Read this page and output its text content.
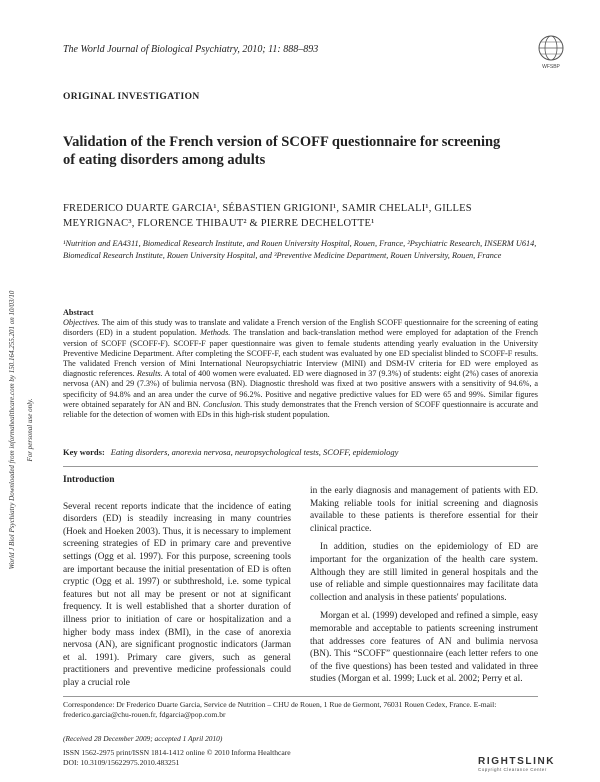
World J Biol Psychiatry Downloaded from informahealthcare.com by 150.164.255.201 on 10/03/10 For personal use only.
The World Journal of Biological Psychiatry, 2010; 11: 888–893
WFSBP
ORIGINAL INVESTIGATION
Validation of the French version of SCOFF questionnaire for screening of eating disorders among adults
FREDERICO DUARTE GARCIA¹, SÉBASTIEN GRIGIONI¹, SAMIR CHELALI¹, GILLES MEYRIGNAC³, FLORENCE THIBAUT² & PIERRE DECHELOTTE¹
¹Nutrition and EA4311, Biomedical Research Institute, and Rouen University Hospital, Rouen, France, ²Psychiatric Research, INSERM U614, Biomedical Research Institute, Rouen University Hospital, and ³Preventive Medicine Department, Rouen University, Rouen, France
Abstract
Objectives. The aim of this study was to translate and validate a French version of the English SCOFF questionnaire for the screening of eating disorders (ED) in a student population. Methods. The translation and back-translation method were employed for adaptation of the French version of SCOFF (SCOFF-F). SCOFF-F paper questionnaire was given to female students attending yearly evaluation in the University Preventive Medicine Department. After completing the SCOFF-F, each student was evaluated by one ED specialist blinded to SCOFF-F results. The validated French version of Mini International Neuropsychiatric Interview (MINI) and DSM-IV criteria for ED were employed as diagnostic references. Results. A total of 400 women were evaluated. ED were diagnosed in 37 (9.3%) of students: eight (2%) cases of anorexia nervosa (AN) and 29 (7.3%) of bulimia nervosa (BN). Diagnostic threshold was fixed at two positive answers with a sensitivity of 94.6%, a specificity of 94.8% and an area under the curve of 96.2%. Positive and negative predictive values for ED were 65 and 99%. Similar figures were obtained separately for AN and BN. Conclusion. This study demonstrates that the French version of SCOFF questionnaire is accurate and reliable for the detection of women with EDs in this high-risk student population.
Key words: Eating disorders, anorexia nervosa, neuropsychological tests, SCOFF, epidemiology
Introduction

Several recent reports indicate that the incidence of eating disorders (ED) is steadily increasing in many countries (Hoek and Hoeken 2003). Thus, it is necessary to implement screening strategies of ED in primary care and preventive settings (Ogg et al. 1997). For this purpose, screening tools are important because the initial presentation of ED is often cryptic (Ogg et al. 1997) or subthreshold, i.e. some typical features but not all may be present or not at significant frequency. It is well established that a shorter duration of illness prior to initiation of care or hospitalization and a higher body mass index (BMI), in the case of anorexia nervosa (AN), are significant prognostic indicators (Jarman et al. 1991). Primary care givers, such as general practitioners and preventive medicine professionals could play a crucial role

in the early diagnosis and management of patients with ED. Making reliable tools for initial screening and diagnosis available to these patients is therefore essential for their clinical practice.

In addition, studies on the epidemiology of ED are important for the organization of the health care system. Although they are still limited in general hospitals and the use of reliable and simple questionnaires may facilitate data collection and analysis in these patients' populations.

Morgan et al. (1999) developed and refined a simple, easy memorable and acceptable to patients screening instrument that addresses core features of AN and bulimia nervosa (BN). This “SCOFF” questionnaire (each letter refers to one of the five questions) has been tested and validated in three studies (Morgan et al. 1999; Luck et al. 2002; Perry et al.

Correspondence: Dr Frederico Duarte Garcia, Service de Nutrition – CHU de Rouen, 1 Rue de Germont, 76031 Rouen Cedex, France. E-mail: frederico.garcia@chu-rouen.fr, fdgarcia@pop.com.br
(Received 28 December 2009; accepted 1 April 2010)
ISSN 1562-2975 print/ISSN 1814-1412 online © 2010 Informa Healthcare
DOI: 10.3109/15622975.2010.483251	RIGHTSLINK
Copyright Clearance Center
